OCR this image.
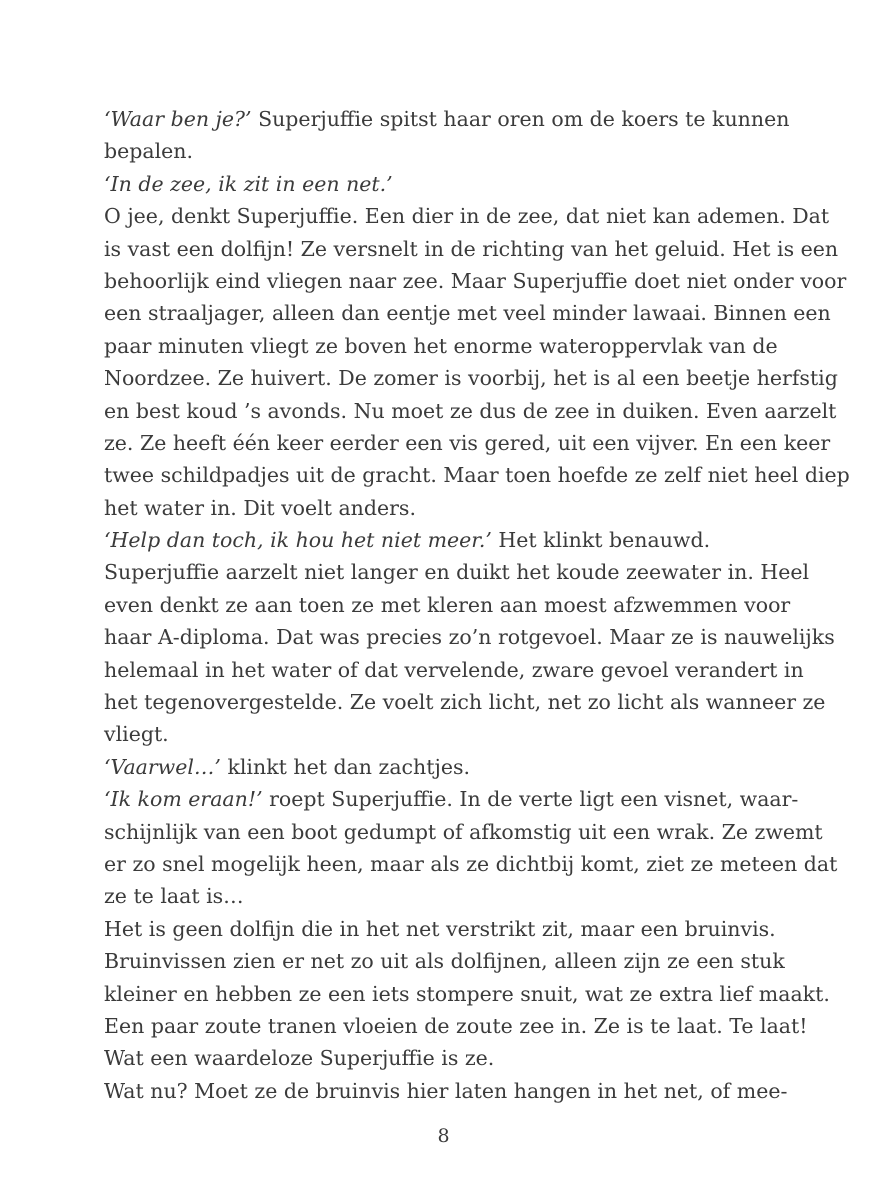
‘Waar ben je?’ Superjuffie spitst haar oren om de koers te kunnen
bepalen.
‘In de zee, ik zit in een net.’
O jee, denkt Superjuffie. Een dier in de zee, dat niet kan ademen. Dat
is vast een dolfijn! Ze versnelt in de richting van het geluid. Het is een
behoorlijk eind vliegen naar zee. Maar Superjuffie doet niet onder voor
een straaljager, alleen dan eentje met veel minder lawaai. Binnen een
paar minuten vliegt ze boven het enorme wateroppervlak van de
Noordzee. Ze huivert. De zomer is voorbij, het is al een beetje herfstig
en best koud ’s avonds. Nu moet ze dus de zee in duiken. Even aarzelt
ze. Ze heeft één keer eerder een vis gered, uit een vijver. En een keer
twee schildpadjes uit de gracht. Maar toen hoefde ze zelf niet heel diep
het water in. Dit voelt anders.
‘Help dan toch, ik hou het niet meer.’ Het klinkt benauwd.
Superjuffie aarzelt niet langer en duikt het koude zeewater in. Heel
even denkt ze aan toen ze met kleren aan moest afzwemmen voor
haar A-diploma. Dat was precies zo’n rotgevoel. Maar ze is nauwelijks
helemaal in het water of dat vervelende, zware gevoel verandert in
het tegenovergestelde. Ze voelt zich licht, net zo licht als wanneer ze
vliegt.
‘Vaarwel…’ klinkt het dan zachtjes.
‘Ik kom eraan!’ roept Superjuffie. In de verte ligt een visnet, waar-
schijnlijk van een boot gedumpt of afkomstig uit een wrak. Ze zwemt
er zo snel mogelijk heen, maar als ze dichtbij komt, ziet ze meteen dat
ze te laat is…
Het is geen dolfijn die in het net verstrikt zit, maar een bruinvis.
Bruinvissen zien er net zo uit als dolfijnen, alleen zijn ze een stuk
kleiner en hebben ze een iets stompere snuit, wat ze extra lief maakt.
Een paar zoute tranen vloeien de zoute zee in. Ze is te laat. Te laat!
Wat een waardeloze Superjuffie is ze.
Wat nu? Moet ze de bruinvis hier laten hangen in het net, of mee-
8
